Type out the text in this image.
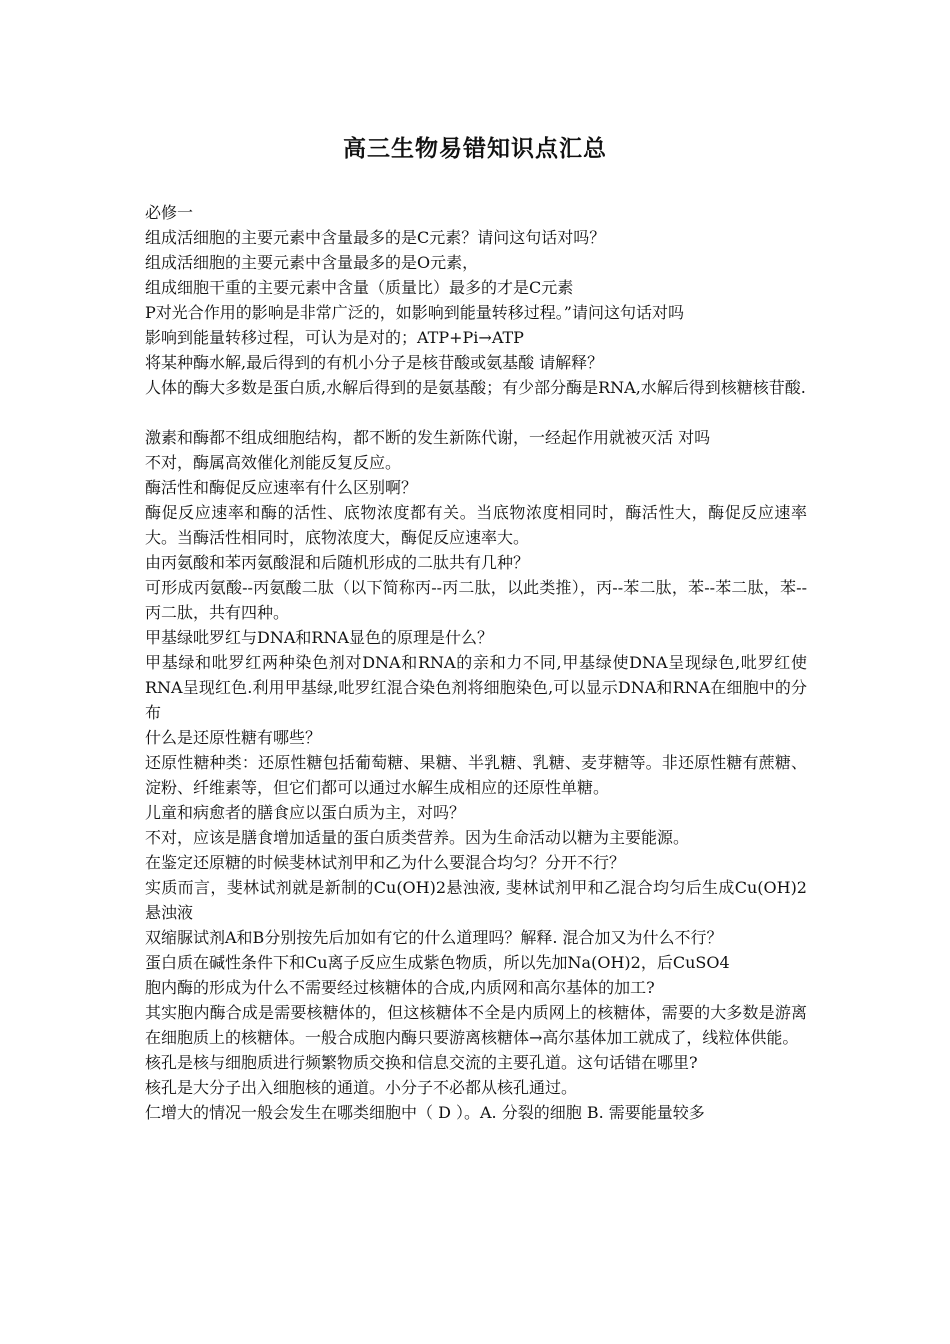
高三生物易错知识点汇总

必修一

组成活细胞的主要元素中含量最多的是C元素？请问这句话对吗？

组成活细胞的主要元素中含量最多的是O元素，

组成细胞干重的主要元素中含量（质量比）最多的才是C元素

P对光合作用的影响是非常广泛的，如影响到能量转移过程。”请问这句话对吗

影响到能量转移过程，可认为是对的；ATP+Pi→ATP

将某种酶水解,最后得到的有机小分子是核苷酸或氨基酸 请解释？

人体的酶大多数是蛋白质,水解后得到的是氨基酸；有少部分酶是RNA,水解后得到核糖核苷酸.

激素和酶都不组成细胞结构，都不断的发生新陈代谢，一经起作用就被灭活 对吗

不对，酶属高效催化剂能反复反应。

酶活性和酶促反应速率有什么区别啊？

酶促反应速率和酶的活性、底物浓度都有关。当底物浓度相同时，酶活性大，酶促反应速率大。当酶活性相同时，底物浓度大，酶促反应速率大。

由丙氨酸和苯丙氨酸混和后随机形成的二肽共有几种？

可形成丙氨酸--丙氨酸二肽（以下简称丙--丙二肽，以此类推），丙--苯二肽，苯--苯二肽，苯--丙二肽，共有四种。

甲基绿吡罗红与DNA和RNA显色的原理是什么？

甲基绿和吡罗红两种染色剂对DNA和RNA的亲和力不同,甲基绿使DNA呈现绿色,吡罗红使RNA呈现红色.利用甲基绿,吡罗红混合染色剂将细胞染色,可以显示DNA和RNA在细胞中的分布

什么是还原性糖有哪些？

还原性糖种类：还原性糖包括葡萄糖、果糖、半乳糖、乳糖、麦芽糖等。非还原性糖有蔗糖、淀粉、纤维素等，但它们都可以通过水解生成相应的还原性单糖。

儿童和病愈者的膳食应以蛋白质为主，对吗？

不对，应该是膳食增加适量的蛋白质类营养。因为生命活动以糖为主要能源。

在鉴定还原糖的时候斐林试剂甲和乙为什么要混合均匀？分开不行？

实质而言，斐林试剂就是新制的Cu(OH)2悬浊液, 斐林试剂甲和乙混合均匀后生成Cu(OH)2悬浊液

双缩脲试剂A和B分别按先后加如有它的什么道理吗？解释. 混合加又为什么不行？

蛋白质在碱性条件下和Cu离子反应生成紫色物质，所以先加Na(OH)2，后CuSO4

胞内酶的形成为什么不需要经过核糖体的合成,内质网和高尔基体的加工?

其实胞内酶合成是需要核糖体的，但这核糖体不全是内质网上的核糖体，需要的大多数是游离在细胞质上的核糖体。一般合成胞内酶只要游离核糖体→高尔基体加工就成了，线粒体供能。

核孔是核与细胞质进行频繁物质交换和信息交流的主要孔道。这句话错在哪里?

核孔是大分子出入细胞核的通道。小分子不必都从核孔通过。

仁增大的情况一般会发生在哪类细胞中（ D ）。A. 分裂的细胞 B. 需要能量较多
